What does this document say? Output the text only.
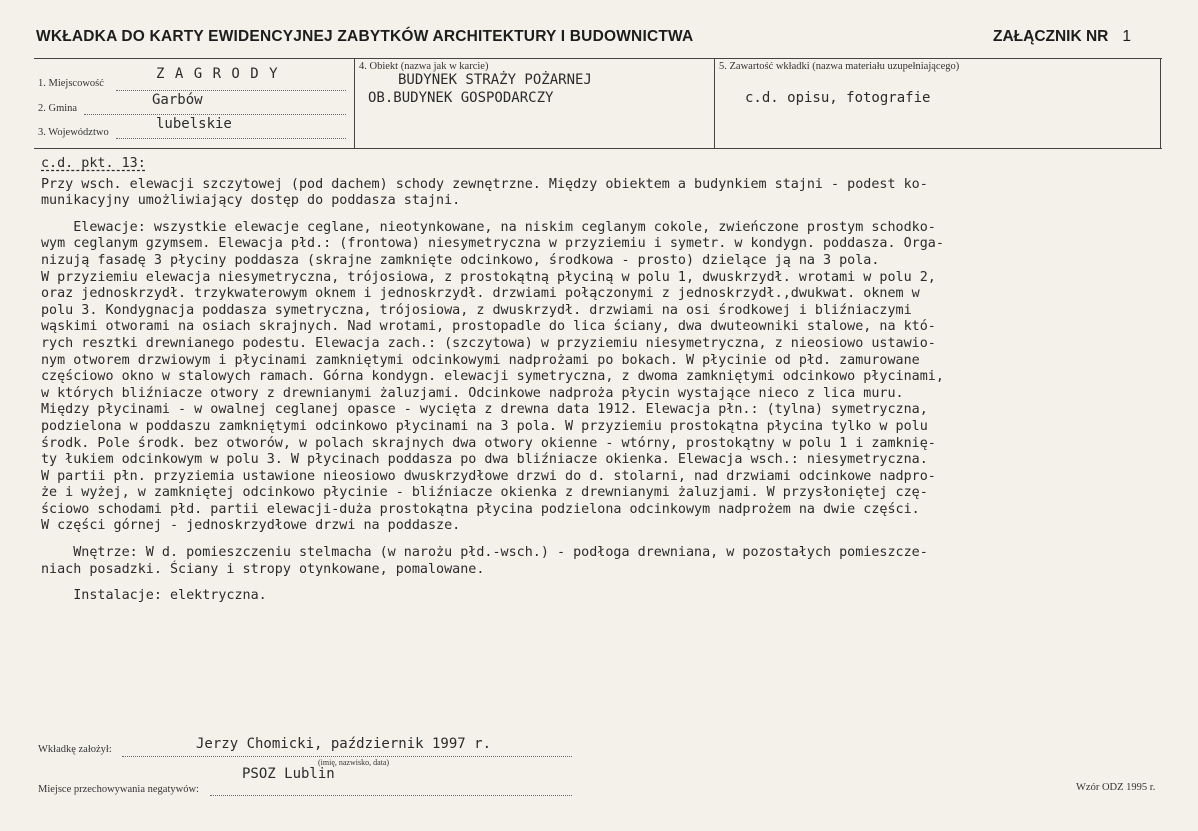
WKŁADKA DO KARTY EWIDENCYJNEJ ZABYTKÓW ARCHITEKTURY I BUDOWNICTWA	ZAŁĄCZNIK NR 1
1. Miejscowość
Z A G R O D Y
2. Gmina
Garbów
3. Województwo
lubelskie
4. Obiekt (nazwa jak w karcie)
BUDYNEK STRAŻY POŻARNEJ
OB.BUDYNEK GOSPODARCZY
5. Zawartość wkładki (nazwa materiału uzupełniającego)
c.d. opisu, fotografie
c.d. pkt. 13:
Przy wsch. elewacji szczytowej (pod dachem) schody zewnętrzne. Między obiektem a budynkiem stajni - podest ko-
munikacyjny umożliwiający dostęp do poddasza stajni.
Elewacje: wszystkie elewacje ceglane, nieotynkowane, na niskim ceglanym cokole, zwieńczone prostym schodko-
wym ceglanym gzymsem. Elewacja płd.: (frontowa) niesymetryczna w przyziemiu i symetr. w kondygn. poddasza. Orga-
nizują fasadę 3 płyciny poddasza (skrajne zamknięte odcinkowo, środkowa - prosto) dzielące ją na 3 pola.
W przyziemiu elewacja niesymetryczna, trójosiowa, z prostokątną płyciną w polu 1, dwuskrzydł. wrotami w polu 2,
oraz jednoskrzydł. trzykwaterowym oknem i jednoskrzydł. drzwiami połączonymi z jednoskrzydł.,dwukwat. oknem w
polu 3. Kondygnacja poddasza symetryczna, trójosiowa, z dwuskrzydł. drzwiami na osi środkowej i bliźniaczymi
wąskimi otworami na osiach skrajnych. Nad wrotami, prostopadle do lica ściany, dwa dwuteowniki stalowe, na któ-
rych resztki drewnianego podestu. Elewacja zach.: (szczytowa) w przyziemiu niesymetryczna, z nieosiowo ustawio-
nym otworem drzwiowym i płycinami zamkniętymi odcinkowymi nadprożami po bokach. W płycinie od płd. zamurowane
częściowo okno w stalowych ramach. Górna kondygn. elewacji symetryczna, z dwoma zamkniętymi odcinkowo płycinami,
w których bliźniacze otwory z drewnianymi żaluzjami. Odcinkowe nadproża płycin wystające nieco z lica muru.
Między płycinami - w owalnej ceglanej opasce - wycięta z drewna data 1912. Elewacja płn.: (tylna) symetryczna,
podzielona w poddaszu zamkniętymi odcinkowo płycinami na 3 pola. W przyziemiu prostokątna płycina tylko w polu
środk. Pole środk. bez otworów, w polach skrajnych dwa otwory okienne - wtórny, prostokątny w polu 1 i zamknię-
ty łukiem odcinkowym w polu 3. W płycinach poddasza po dwa bliźniacze okienka. Elewacja wsch.: niesymetryczna.
W partii płn. przyziemia ustawione nieosiowo dwuskrzydłowe drzwi do d. stolarni, nad drzwiami odcinkowe nadpro-
że i wyżej, w zamkniętej odcinkowo płycinie - bliźniacze okienka z drewnianymi żaluzjami. W przysłoniętej czę-
ściowo schodami płd. partii elewacji-duża prostokątna płycina podzielona odcinkowym nadprożem na dwie części.
W części górnej - jednoskrzydłowe drzwi na poddasze.
Wnętrze: W d. pomieszczeniu stelmacha (w narożu płd.-wsch.) - podłoga drewniana, w pozostałych pomieszcze-
niach posadzki. Ściany i stropy otynkowane, pomalowane.
Instalacje: elektryczna.
Wkładkę założył:	Jerzy Chomicki, październik 1997 r.
(imię, nazwisko, data)
Miejsce przechowywania negatywów:
PSOZ Lublin
Wzór ODZ 1995 r.
